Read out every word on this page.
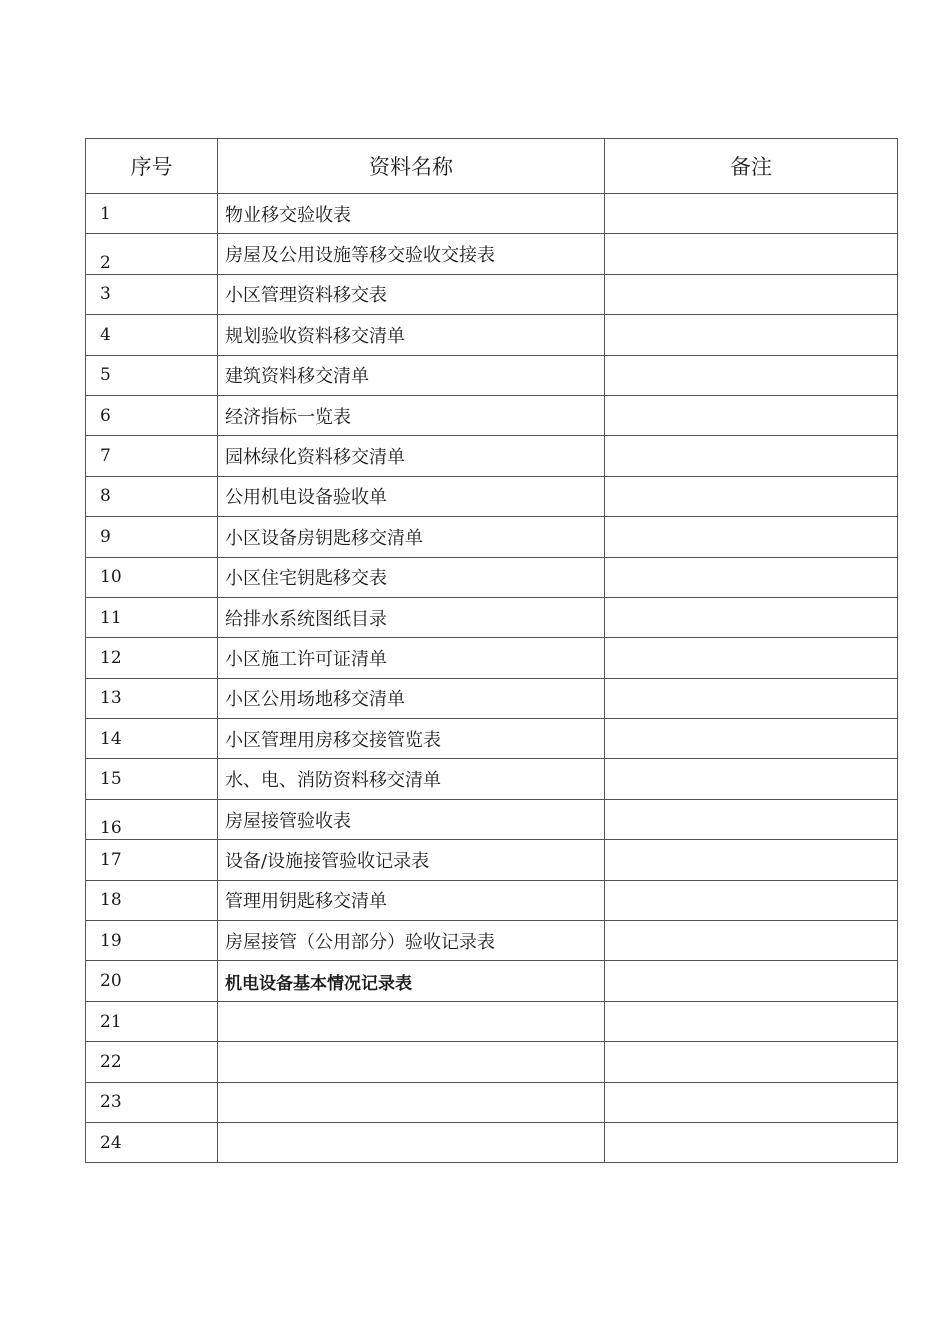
序号	资料名称	备注
1	物业移交验收表	
2	房屋及公用设施等移交验收交接表	
3	小区管理资料移交表	
4	规划验收资料移交清单	
5	建筑资料移交清单	
6	经济指标一览表	
7	园林绿化资料移交清单	
8	公用机电设备验收单	
9	小区设备房钥匙移交清单	
10	小区住宅钥匙移交表	
11	给排水系统图纸目录	
12	小区施工许可证清单	
13	小区公用场地移交清单	
14	小区管理用房移交接管览表	
15	水、电、消防资料移交清单	
16	房屋接管验收表	
17	设备/设施接管验收记录表	
18	管理用钥匙移交清单	
19	房屋接管（公用部分）验收记录表	
20	机电设备基本情况记录表	
21		
22		
23		
24		
